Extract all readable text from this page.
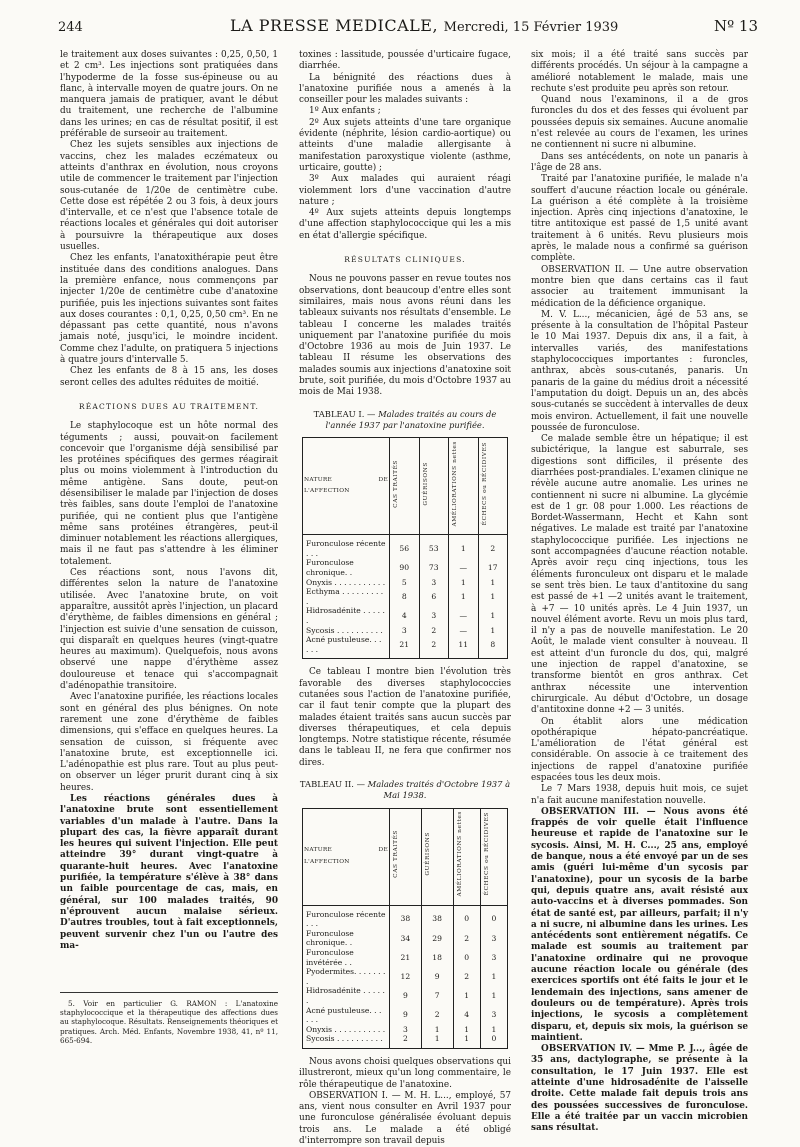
244	LA PRESSE MEDICALE, Mercredi, 15 Février 1939	Nº 13

le traitement aux doses suivantes : 0,25, 0,50, 1 et 2 cm³. Les injections sont pratiquées dans l'hypoderme de la fosse sus-épineuse ou au flanc, à intervalle moyen de quatre jours. On ne manquera jamais de pratiquer, avant le début du traitement, une recherche de l'albumine dans les urines; en cas de résultat positif, il est préférable de surseoir au traitement.

Chez les sujets sensibles aux injections de vaccins, chez les malades eczémateux ou atteints d'anthrax en évolution, nous croyons utile de commencer le traitement par l'injection sous-cutanée de 1/20e de centimètre cube. Cette dose est répétée 2 ou 3 fois, à deux jours d'intervalle, et ce n'est que l'absence totale de réactions locales et générales qui doit autoriser à poursuivre la thérapeutique aux doses usuelles.

Chez les enfants, l'anatoxithérapie peut être instituée dans des conditions analogues. Dans la première enfance, nous commençons par injecter 1/20e de centimètre cube d'anatoxine purifiée, puis les injections suivantes sont faites aux doses courantes : 0,1, 0,25, 0,50 cm³. En ne dépassant pas cette quantité, nous n'avons jamais noté, jusqu'ici, le moindre incident. Comme chez l'adulte, on pratiquera 5 injections à quatre jours d'intervalle 5.

Chez les enfants de 8 à 15 ans, les doses seront celles des adultes réduites de moitié.

RÉACTIONS DUES AU TRAITEMENT.

Le staphylocoque est un hôte normal des téguments ; aussi, pouvait-on facilement concevoir que l'organisme déjà sensibilisé par les protéines spécifiques des germes réagirait plus ou moins violemment à l'introduction du même antigène. Sans doute, peut-on désensibiliser le malade par l'injection de doses très faibles, sans doute l'emploi de l'anatoxine purifiée, qui ne contient plus que l'antigène même sans protéines étrangères, peut-il diminuer notablement les réactions allergiques, mais il ne faut pas s'attendre à les éliminer totalement.

Ces réactions sont, nous l'avons dit, différentes selon la nature de l'anatoxine utilisée. Avec l'anatoxine brute, on voit apparaître, aussitôt après l'injection, un placard d'érythème, de faibles dimensions en général ; l'injection est suivie d'une sensation de cuisson, qui disparaît en quelques heures (vingt-quatre heures au maximum). Quelquefois, nous avons observé une nappe d'érythème assez douloureuse et tenace qui s'accompagnait d'adénopathie transitoire.

Avec l'anatoxine purifiée, les réactions locales sont en général des plus bénignes. On note rarement une zone d'érythème de faibles dimensions, qui s'efface en quelques heures. La sensation de cuisson, si fréquente avec l'anatoxine brute, est exceptionnelle ici. L'adénopathie est plus rare. Tout au plus peut-on observer un léger prurit durant cinq à six heures.

Les réactions générales dues à l'anatoxine brute sont essentiellement variables d'un malade à l'autre. Dans la plupart des cas, la fièvre apparaît durant les heures qui suivent l'injection. Elle peut atteindre 39° durant vingt-quatre à quarante-huit heures. Avec l'anatoxine purifiée, la température s'élève à 38° dans un faible pourcentage de cas, mais, en général, sur 100 malades traités, 90 n'éprouvent aucun malaise sérieux. D'autres troubles, tout à fait exceptionnels, peuvent survenir chez l'un ou l'autre des ma-

5. Voir en particulier G. RAMON : L'anatoxine staphylococcique et la thérapeutique des affections dues au staphylocoque. Résultats. Renseignements théoriques et pratiques. Arch. Méd. Enfants, Novembre 1938, 41, nº 11, 665-694.

toxines : lassitude, poussée d'urticaire fugace, diarrhée.

La bénignité des réactions dues à l'anatoxine purifiée nous a amenés à la conseiller pour les malades suivants :

1º Aux enfants ;

2º Aux sujets atteints d'une tare organique évidente (néphrite, lésion cardio-aortique) ou atteints d'une maladie allergisante à manifestation paroxystique violente (asthme, urticaire, goutte) ;

3º Aux malades qui auraient réagi violemment lors d'une vaccination d'autre nature ;

4º Aux sujets atteints depuis longtemps d'une affection staphylococcique qui les a mis en état d'allergie spécifique.

RÉSULTATS CLINIQUES.

Nous ne pouvons passer en revue toutes nos observations, dont beaucoup d'entre elles sont similaires, mais nous avons réuni dans les tableaux suivants nos résultats d'ensemble. Le tableau I concerne les malades traités uniquement par l'anatoxine purifiée du mois d'Octobre 1936 au mois de Juin 1937. Le tableau II résume les observations des malades soumis aux injections d'anatoxine soit brute, soit purifiée, du mois d'Octobre 1937 au mois de Mai 1938.

TABLEAU I. — Malades traités au cours de l'année 1937 par l'anatoxine purifiée.
NATURE DE L'AFFECTION	CAS TRAITÉS	GUÉRISONS	AMÉLIORATIONS nettes	ÉCHECS ou RÉCIDIVES
Furonculose récente . . .	56	53	1	2
Furonculose chronique. .	90	73	—	17
Onyxis . . . . . . . . . . .	5	3	1	1
Ecthyma . . . . . . . . . .	8	6	1	1
Hidrosadénite . . . . . .	4	3	—	1
Sycosis . . . . . . . . . .	3	2	—	1
Acné pustuleuse. . . . . .	21	2	11	8

Ce tableau I montre bien l'évolution très favorable des diverses staphylococcies cutanées sous l'action de l'anatoxine purifiée, car il faut tenir compte que la plupart des malades étaient traités sans aucun succès par diverses thérapeutiques, et cela depuis longtemps. Notre statistique récente, résumée dans le tableau II, ne fera que confirmer nos dires.

TABLEAU II. — Malades traités d'Octobre 1937 à Mai 1938.
NATURE DE L'AFFECTION	CAS TRAITÉS	GUÉRISONS	AMÉLIORATIONS nettes	ÉCHECS ou RÉCIDIVES
Furonculose récente . . .	38	38	0	0
Furonculose chronique. .	34	29	2	3
Furonculose invétérée . .	21	18	0	3
Pyodermites. . . . . . . .	12	9	2	1
Hidrosadénite . . . . . .	9	7	1	1
Acné pustuleuse. . . . . .	9	2	4	3
Onyxis . . . . . . . . . . .	3	1	1	1
Sycosis . . . . . . . . . .	2	1	1	0

Nous avons choisi quelques observations qui illustreront, mieux qu'un long commentaire, le rôle thérapeutique de l'anatoxine.

OBSERVATION I. — M. H. L..., employé, 57 ans, vient nous consulter en Avril 1937 pour une furonculose généralisée évoluant depuis trois ans. Le malade a été obligé d'interrompre son travail depuis

six mois; il a été traité sans succès par différents procédés. Un séjour à la campagne a amélioré notablement le malade, mais une rechute s'est produite peu après son retour.

Quand nous l'examinons, il a de gros furoncles du dos et des fesses qui évoluent par poussées depuis six semaines. Aucune anomalie n'est relevée au cours de l'examen, les urines ne contiennent ni sucre ni albumine.

Dans ses antécédents, on note un panaris à l'âge de 28 ans.

Traité par l'anatoxine purifiée, le malade n'a souffert d'aucune réaction locale ou générale. La guérison a été complète à la troisième injection. Après cinq injections d'anatoxine, le titre antitoxique est passé de 1,5 unité avant traitement à 6 unités. Revu plusieurs mois après, le malade nous a confirmé sa guérison complète.

OBSERVATION II. — Une autre observation montre bien que dans certains cas il faut associer au traitement immunisant la médication de la déficience organique.

M. V. L..., mécanicien, âgé de 53 ans, se présente à la consultation de l'hôpital Pasteur le 10 Mai 1937. Depuis dix ans, il a fait, à intervalles variés, des manifestations staphylococciques importantes : furoncles, anthrax, abcès sous-cutanés, panaris. Un panaris de la gaine du médius droit a nécessité l'amputation du doigt. Depuis un an, des abcès sous-cutanés se succèdent à intervalles de deux mois environ. Actuellement, il fait une nouvelle poussée de furonculose.

Ce malade semble être un hépatique; il est subictérique, la langue est saburrale, ses digestions sont difficiles, il présente des diarrhées post-prandiales. L'examen clinique ne révèle aucune autre anomalie. Les urines ne contiennent ni sucre ni albumine. La glycémie est de 1 gr. 08 pour 1.000. Les réactions de Bordet-Wassermann, Hecht et Kahn sont négatives. Le malade est traité par l'anatoxine staphylococcique purifiée. Les injections ne sont accompagnées d'aucune réaction notable. Après avoir reçu cinq injections, tous les éléments furonculeux ont disparu et le malade se sent très bien. Le taux d'antitoxine du sang est passé de +1 —2 unités avant le traitement, à +7 — 10 unités après. Le 4 Juin 1937, un nouvel élément avorte. Revu un mois plus tard, il n'y a pas de nouvelle manifestation. Le 20 Août, le malade vient consulter à nouveau. Il est atteint d'un furoncle du dos, qui, malgré une injection de rappel d'anatoxine, se transforme bientôt en gros anthrax. Cet anthrax nécessite une intervention chirurgicale. Au début d'Octobre, un dosage d'antitoxine donne +2 — 3 unités.

On établit alors une médication opothérapique hépato-pancréatique. L'amélioration de l'état général est considérable. On associe à ce traitement des injections de rappel d'anatoxine purifiée espacées tous les deux mois.

Le 7 Mars 1938, depuis huit mois, ce sujet n'a fait aucune manifestation nouvelle.

OBSERVATION III. — Nous avons été frappés de voir quelle était l'influence heureuse et rapide de l'anatoxine sur le sycosis. Ainsi, M. H. C..., 25 ans, employé de banque, nous a été envoyé par un de ses amis (guéri lui-même d'un sycosis par l'anatoxine), pour un sycosis de la barbe qui, depuis quatre ans, avait résisté aux auto-vaccins et à diverses pommades. Son état de santé est, par ailleurs, parfait; il n'y a ni sucre, ni albumine dans les urines. Les antécédents sont entièrement négatifs. Ce malade est soumis au traitement par l'anatoxine ordinaire qui ne provoque aucune réaction locale ou générale (des exercices sportifs ont été faits le jour et le lendemain des injections, sans amener de douleurs ou de température). Après trois injections, le sycosis a complètement disparu, et, depuis six mois, la guérison se maintient.

OBSERVATION IV. — Mme P. J..., âgée de 35 ans, dactylographe, se présente à la consultation, le 17 Juin 1937. Elle est atteinte d'une hidrosadénite de l'aisselle droite. Cette malade fait depuis trois ans des poussées successives de furonculose. Elle a été traitée par un vaccin microbien sans résultat.
